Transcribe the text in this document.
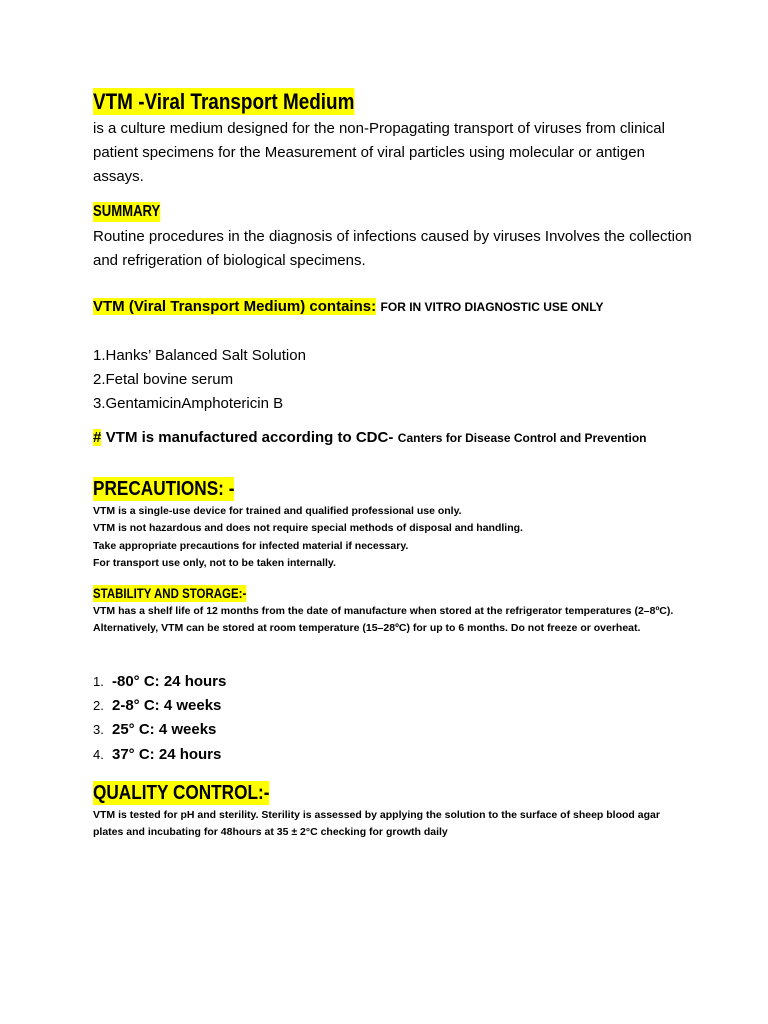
VTM -Viral Transport Medium

is a culture medium designed for the non-Propagating transport of viruses from clinical patient specimens for the Measurement of viral particles using molecular or antigen assays.

SUMMARY

Routine procedures in the diagnosis of infections caused by viruses Involves the collection and refrigeration of biological specimens.

VTM (Viral Transport Medium) contains: FOR IN VITRO DIAGNOSTIC USE ONLY
1.Hanks’ Balanced Salt Solution
2.Fetal bovine serum
3.GentamicinAmphotericin B
# VTM is manufactured according to CDC- Canters for Disease Control and Prevention
PRECAUTIONS: -
VTM is a single-use device for trained and qualified professional use only.
VTM is not hazardous and does not require special methods of disposal and handling.
Take appropriate precautions for infected material if necessary.
For transport use only, not to be taken internally.
STABILITY AND STORAGE:-

VTM has a shelf life of 12 months from the date of manufacture when stored at the refrigerator temperatures (2–8ºC). Alternatively, VTM can be stored at room temperature (15–28ºC) for up to 6 months. Do not freeze or overheat.

1. -80° C: 24 hours
2. 2-8° C: 4 weeks
3. 25° C: 4 weeks
4. 37° C: 24 hours
QUALITY CONTROL:-

VTM is tested for pH and sterility. Sterility is assessed by applying the solution to the surface of sheep blood agar plates and incubating for 48hours at 35 ± 2°C checking for growth daily
